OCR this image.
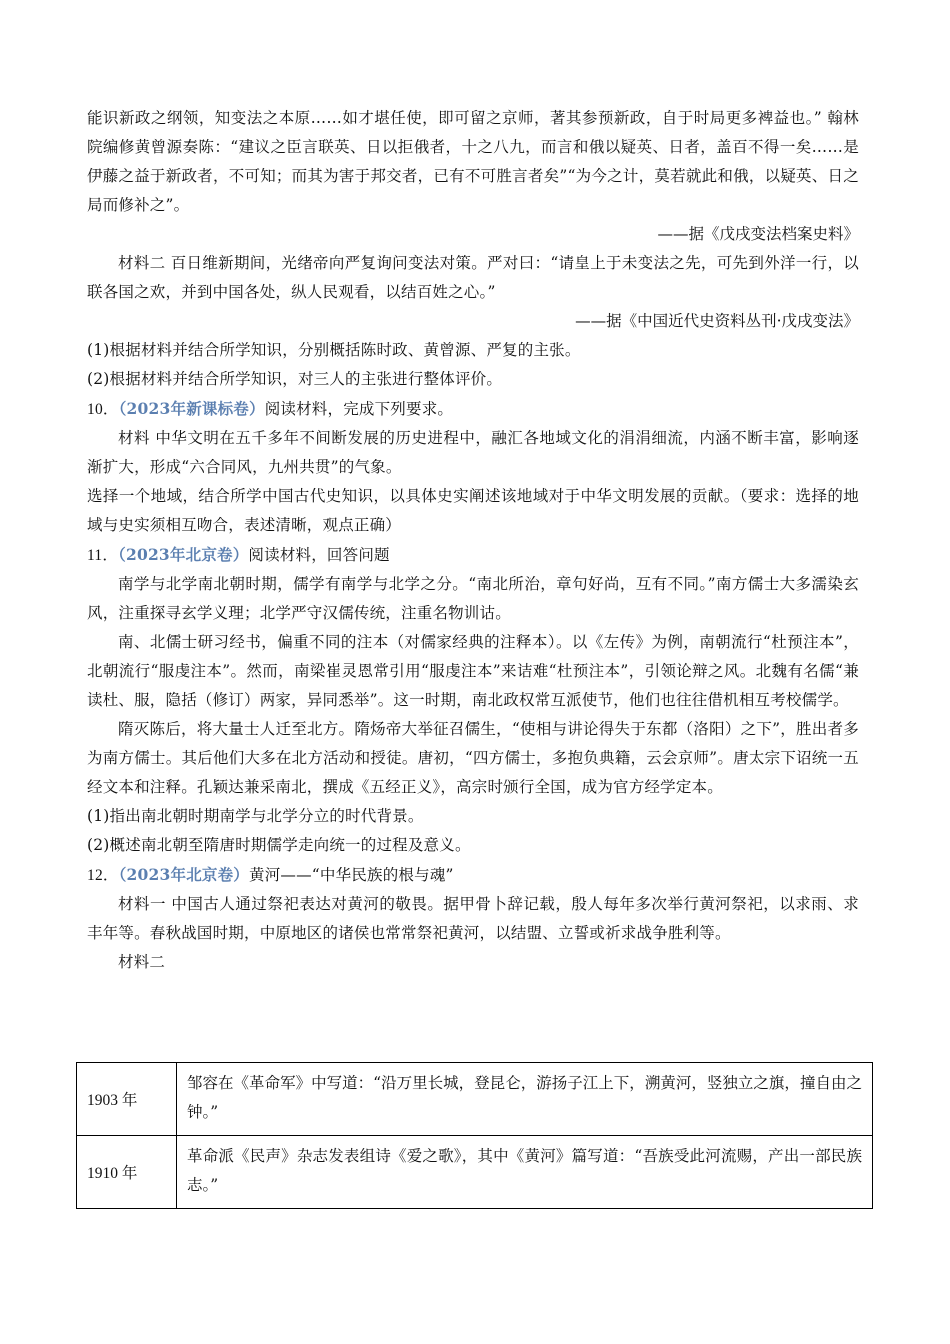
能识新政之纲领，知变法之本原……如才堪任使，即可留之京师，著其参预新政，自于时局更多裨益也。” 翰林院编修黄曾源奏陈：“建议之臣言联英、日以拒俄者，十之八九，而言和俄以疑英、日者，盖百不得一矣……是伊藤之益于新政者，不可知；而其为害于邦交者，已有不可胜言者矣”“为今之计，莫若就此和俄，以疑英、日之局而修补之”。

——据《戊戌变法档案史料》

材料二 百日维新期间，光绪帝向严复询问变法对策。严对曰：“请皇上于未变法之先，可先到外洋一行，以联各国之欢，并到中国各处，纵人民观看，以结百姓之心。”

——据《中国近代史资料丛刊·戊戌变法》

(1)根据材料并结合所学知识，分别概括陈时政、黄曾源、严复的主张。

(2)根据材料并结合所学知识，对三人的主张进行整体评价。

10．（2023年新课标卷）阅读材料，完成下列要求。

材料 中华文明在五千多年不间断发展的历史进程中，融汇各地域文化的涓涓细流，内涵不断丰富，影响逐渐扩大，形成“六合同风，九州共贯”的气象。

选择一个地域，结合所学中国古代史知识，以具体史实阐述该地域对于中华文明发展的贡献。（要求：选择的地域与史实须相互吻合，表述清晰，观点正确）

11．（2023年北京卷）阅读材料，回答问题

南学与北学南北朝时期，儒学有南学与北学之分。“南北所治，章句好尚，互有不同。”南方儒士大多濡染玄风，注重探寻玄学义理；北学严守汉儒传统，注重名物训诂。

南、北儒士研习经书，偏重不同的注本（对儒家经典的注释本）。以《左传》为例，南朝流行“杜预注本”，北朝流行“服虔注本”。然而，南梁崔灵恩常引用“服虔注本”来诘难“杜预注本”，引领论辩之风。北魏有名儒“兼读杜、服，隐括（修订）两家，异同悉举”。这一时期，南北政权常互派使节，他们也往往借机相互考校儒学。

隋灭陈后，将大量士人迁至北方。隋炀帝大举征召儒生，“使相与讲论得失于东都（洛阳）之下”，胜出者多为南方儒士。其后他们大多在北方活动和授徒。唐初，“四方儒士，多抱负典籍，云会京师”。唐太宗下诏统一五经文本和注释。孔颖达兼采南北，撰成《五经正义》，高宗时颁行全国，成为官方经学定本。

(1)指出南北朝时期南学与北学分立的时代背景。

(2)概述南北朝至隋唐时期儒学走向统一的过程及意义。

12．（2023年北京卷）黄河——“中华民族的根与魂”

材料一 中国古人通过祭祀表达对黄河的敬畏。据甲骨卜辞记载，殷人每年多次举行黄河祭祀，以求雨、求丰年等。春秋战国时期，中原地区的诸侯也常常祭祀黄河，以结盟、立誓或祈求战争胜利等。

材料二

1903 年	邹容在《革命军》中写道：“沿万里长城，登昆仑，游扬子江上下，溯黄河，竖独立之旗，撞自由之钟。”
1910 年	革命派《民声》杂志发表组诗《爱之歌》，其中《黄河》篇写道：“吾族受此河流赐，产出一部民族志。”
